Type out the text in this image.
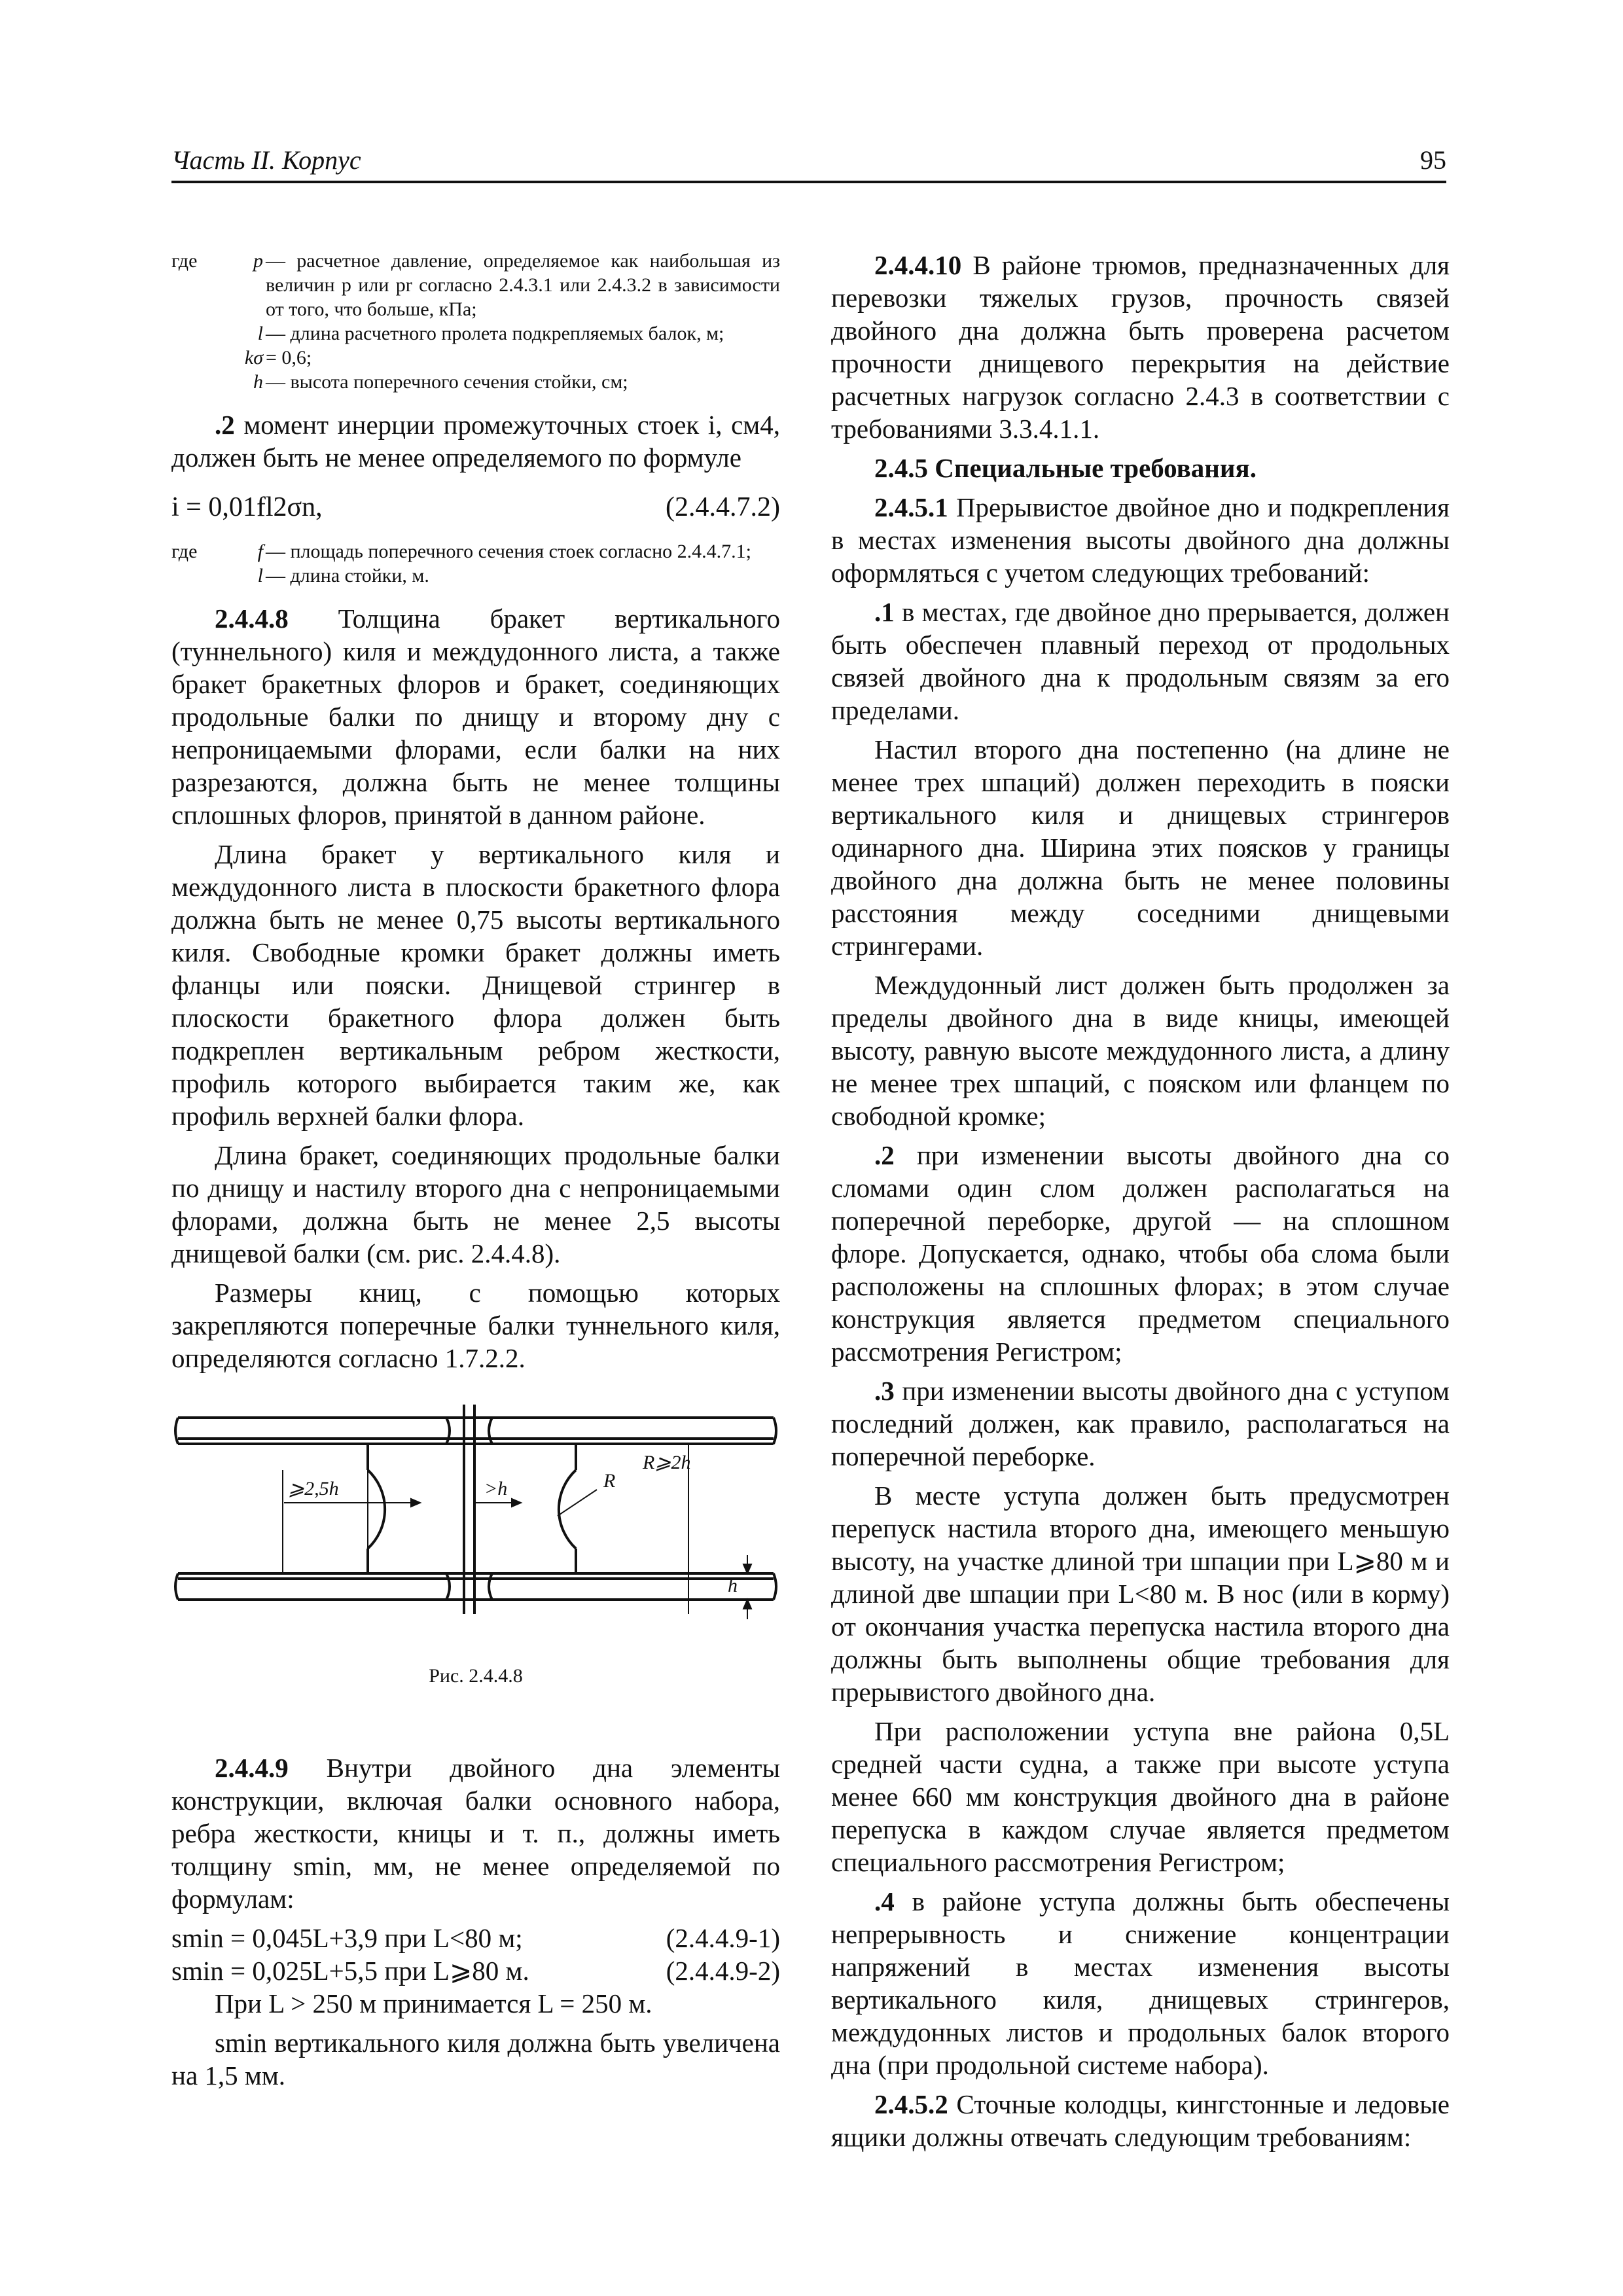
Часть II. Корпус	95
где	p — расчетное давление, определяемое как наибольшая из величин p или pr согласно 2.4.3.1 или 2.4.3.2 в зависимости от того, что больше, кПа;
l — длина расчетного пролета подкрепляемых балок, м;
kσ = 0,6;
h — высота поперечного сечения стойки, см;

.2 момент инерции промежуточных стоек i, см4, должен быть не менее определяемого по формуле

i = 0,01fl2σn,	(2.4.4.7.2)
где	f — площадь поперечного сечения стоек согласно 2.4.4.7.1;
l — длина стойки, м.

2.4.4.8 Толщина бракет вертикального (туннельного) киля и междудонного листа, а также бракет бракетных флоров и бракет, соединяющих продольные балки по днищу и второму дну с непроницаемыми флорами, если балки на них разрезаются, должна быть не менее толщины сплошных флоров, принятой в данном районе.

Длина бракет у вертикального киля и междудонного листа в плоскости бракетного флора должна быть не менее 0,75 высоты вертикального киля. Свободные кромки бракет должны иметь фланцы или пояски. Днищевой стрингер в плоскости бракетного флора должен быть подкреплен вертикальным ребром жесткости, профиль которого выбирается таким же, как профиль верхней балки флора.

Длина бракет, соединяющих продольные балки по днищу и настилу второго дна с непроницаемыми флорами, должна быть не менее 2,5 высоты днищевой балки (см. рис. 2.4.4.8).

Размеры книц, с помощью которых закрепляются поперечные балки туннельного киля, определяются согласно 1.7.2.2.

⩾2,5h	>h	R
R⩾2h
h

Рис. 2.4.4.8

2.4.4.9 Внутри двойного дна элементы конструкции, включая балки основного набора, ребра жесткости, кницы и т. п., должны иметь толщину smin, мм, не менее определяемой по формулам:

smin = 0,045L+3,9 при L<80 м;	(2.4.4.9-1)
smin = 0,025L+5,5 при L⩾80 м.	(2.4.4.9-2)

При L > 250 м принимается L = 250 м.

smin вертикального киля должна быть увеличена на 1,5 мм.

2.4.4.10 В районе трюмов, предназначенных для перевозки тяжелых грузов, прочность связей двойного дна должна быть проверена расчетом прочности днищевого перекрытия на действие расчетных нагрузок согласно 2.4.3 в соответствии с требованиями 3.3.4.1.1.

2.4.5 Специальные требования.

2.4.5.1 Прерывистое двойное дно и подкрепления в местах изменения высоты двойного дна должны оформляться с учетом следующих требований:

.1 в местах, где двойное дно прерывается, должен быть обеспечен плавный переход от продольных связей двойного дна к продольным связям за его пределами.

Настил второго дна постепенно (на длине не менее трех шпаций) должен переходить в пояски вертикального киля и днищевых стрингеров одинарного дна. Ширина этих поясков у границы двойного дна должна быть не менее половины расстояния между соседними днищевыми стрингерами.

Междудонный лист должен быть продолжен за пределы двойного дна в виде кницы, имеющей высоту, равную высоте междудонного листа, а длину не менее трех шпаций, с пояском или фланцем по свободной кромке;

.2 при изменении высоты двойного дна со сломами один слом должен располагаться на поперечной переборке, другой — на сплошном флоре. Допускается, однако, чтобы оба слома были расположены на сплошных флорах; в этом случае конструкция является предметом специального рассмотрения Регистром;

.3 при изменении высоты двойного дна с уступом последний должен, как правило, располагаться на поперечной переборке.

В месте уступа должен быть предусмотрен перепуск настила второго дна, имеющего меньшую высоту, на участке длиной три шпации при L⩾80 м и длиной две шпации при L<80 м. В нос (или в корму) от окончания участка перепуска настила второго дна должны быть выполнены общие требования для прерывистого двойного дна.

При расположении уступа вне района 0,5L средней части судна, а также при высоте уступа менее 660 мм конструкция двойного дна в районе перепуска в каждом случае является предметом специального рассмотрения Регистром;

.4 в районе уступа должны быть обеспечены непрерывность и снижение концентрации напряжений в местах изменения высоты вертикального киля, днищевых стрингеров, междудонных листов и продольных балок второго дна (при продольной системе набора).

2.4.5.2 Сточные колодцы, кингстонные и ледовые ящики должны отвечать следующим требованиям:
